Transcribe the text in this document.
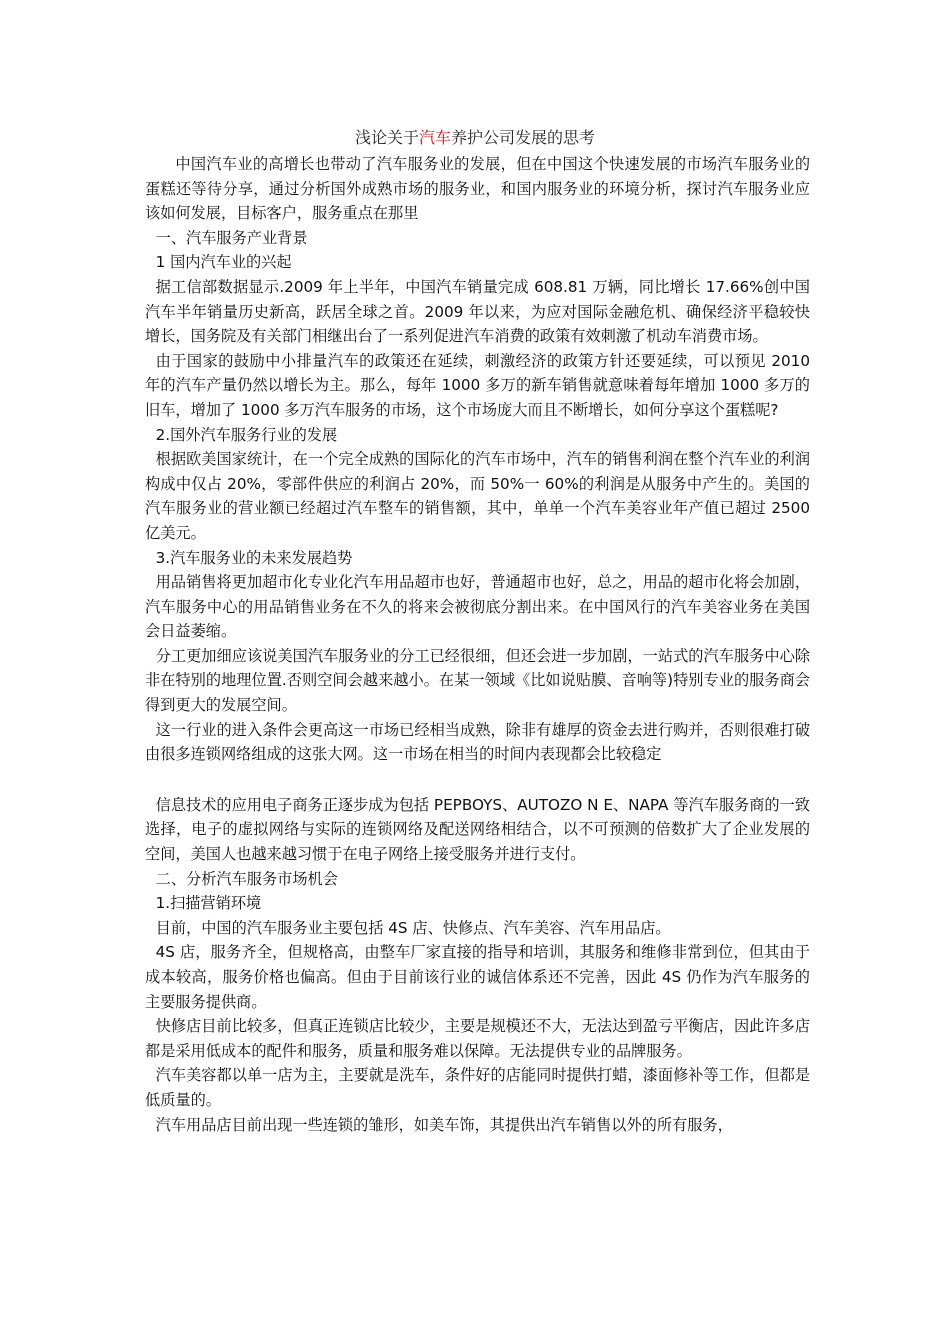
浅论关于汽车养护公司发展的思考

中国汽车业的高增长也带动了汽车服务业的发展，但在中国这个快速发展的市场汽车服务业的蛋糕还等待分享，通过分析国外成熟市场的服务业，和国内服务业的环境分析，探讨汽车服务业应该如何发展，目标客户，服务重点在那里

一、汽车服务产业背景

1 国内汽车业的兴起

据工信部数据显示.2009 年上半年，中国汽车销量完成 608.81 万辆，同比增长 17.66%创中国汽车半年销量历史新高，跃居全球之首。2009 年以来，为应对国际金融危机、确保经济平稳较快增长，国务院及有关部门相继出台了一系列促进汽车消费的政策有效刺激了机动车消费市场。

由于国家的鼓励中小排量汽车的政策还在延续，刺激经济的政策方针还要延续，可以预见 2010 年的汽车产量仍然以增长为主。那么，每年 1000 多万的新车销售就意味着每年增加 1000 多万的旧车，增加了 1000 多万汽车服务的市场，这个市场庞大而且不断增长，如何分享这个蛋糕呢?

2.国外汽车服务行业的发展

根据欧美国家统计，在一个完全成熟的国际化的汽车市场中，汽车的销售利润在整个汽车业的利润构成中仅占 20%，零部件供应的利润占 20%，而 50%一 60%的利润是从服务中产生的。美国的汽车服务业的营业额已经超过汽车整车的销售额，其中，单单一个汽车美容业年产值已超过 2500 亿美元。

3.汽车服务业的未来发展趋势

用品销售将更加超市化专业化汽车用品超市也好，普通超市也好，总之，用品的超市化将会加剧，汽车服务中心的用品销售业务在不久的将来会被彻底分割出来。在中国风行的汽车美容业务在美国会日益萎缩。

分工更加细应该说美国汽车服务业的分工已经很细，但还会进一步加剧，一站式的汽车服务中心除非在特别的地理位置.否则空间会越来越小。在某一领域《比如说贴膜、音响等)特别专业的服务商会得到更大的发展空间。

这一行业的进入条件会更高这一市场已经相当成熟，除非有雄厚的资金去进行购并，否则很难打破由很多连锁网络组成的这张大网。这一市场在相当的时间内表现都会比较稳定

信息技术的应用电子商务正逐步成为包括 PEPBOYS、AUTOZO N E、NAPA 等汽车服务商的一致选择，电子的虚拟网络与实际的连锁网络及配送网络相结合，以不可预测的倍数扩大了企业发展的空间，美国人也越来越习惯于在电子网络上接受服务并进行支付。

二、分析汽车服务市场机会

1.扫描营销环境

目前，中国的汽车服务业主要包括 4S 店、快修点、汽车美容、汽车用品店。

4S 店，服务齐全，但规格高，由整车厂家直接的指导和培训，其服务和维修非常到位，但其由于成本较高，服务价格也偏高。但由于目前该行业的诚信体系还不完善，因此 4S 仍作为汽车服务的主要服务提供商。

快修店目前比较多，但真正连锁店比较少，主要是规模还不大，无法达到盈亏平衡店，因此许多店都是采用低成本的配件和服务，质量和服务难以保障。无法提供专业的品牌服务。

汽车美容都以单一店为主，主要就是洗车，条件好的店能同时提供打蜡，漆面修补等工作，但都是低质量的。

汽车用品店目前出现一些连锁的雏形，如美车饰，其提供出汽车销售以外的所有服务，
